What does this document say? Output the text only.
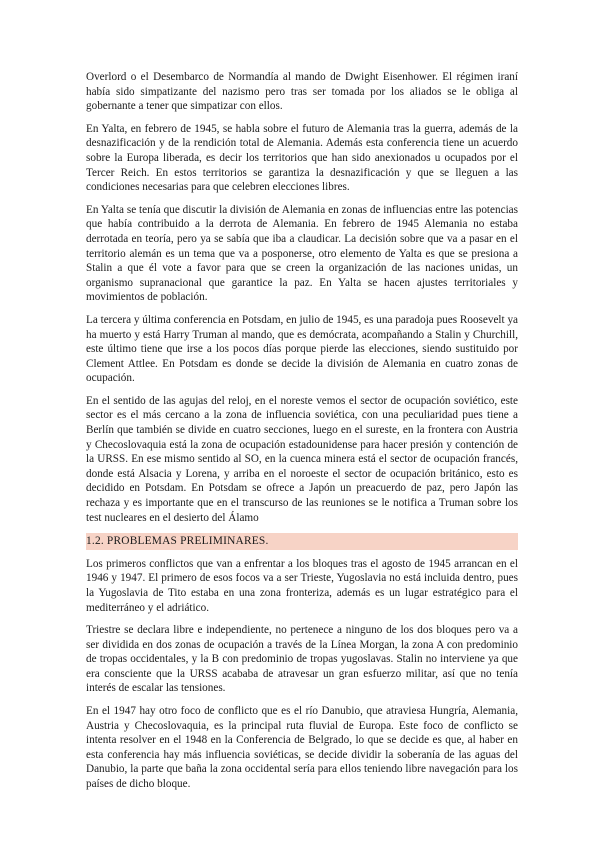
Overlord o el Desembarco de Normandía al mando de Dwight Eisenhower. El régimen iraní había sido simpatizante del nazismo pero tras ser tomada por los aliados se le obliga al gobernante a tener que simpatizar con ellos.

En Yalta, en febrero de 1945, se habla sobre el futuro de Alemania tras la guerra, además de la desnazificación y de la rendición total de Alemania. Además esta conferencia tiene un acuerdo sobre la Europa liberada, es decir los territorios que han sido anexionados u ocupados por el Tercer Reich. En estos territorios se garantiza la desnazificación y que se lleguen a las condiciones necesarias para que celebren elecciones libres.

En Yalta se tenía que discutir la división de Alemania en zonas de influencias entre las potencias que había contribuido a la derrota de Alemania. En febrero de 1945 Alemania no estaba derrotada en teoría, pero ya se sabía que iba a claudicar. La decisión sobre que va a pasar en el territorio alemán es un tema que va a posponerse, otro elemento de Yalta es que se presiona a Stalin a que él vote a favor para que se creen la organización de las naciones unidas, un organismo supranacional que garantice la paz. En Yalta se hacen ajustes territoriales y movimientos de población.

La tercera y última conferencia en Potsdam, en julio de 1945, es una paradoja pues Roosevelt ya ha muerto y está Harry Truman al mando, que es demócrata, acompañando a Stalin y Churchill, este último tiene que irse a los pocos días porque pierde las elecciones, siendo sustituido por Clement Attlee. En Potsdam es donde se decide la división de Alemania en cuatro zonas de ocupación.

En el sentido de las agujas del reloj, en el noreste vemos el sector de ocupación soviético, este sector es el más cercano a la zona de influencia soviética, con una peculiaridad pues tiene a Berlín que también se divide en cuatro secciones, luego en el sureste, en la frontera con Austria y Checoslovaquia está la zona de ocupación estadounidense para hacer presión y contención de la URSS. En ese mismo sentido al SO, en la cuenca minera está el sector de ocupación francés, donde está Alsacia y Lorena, y arriba en el noroeste el sector de ocupación británico, esto es decidido en Potsdam. En Potsdam se ofrece a Japón un preacuerdo de paz, pero Japón las rechaza y es importante que en el transcurso de las reuniones se le notifica a Truman sobre los test nucleares en el desierto del Álamo

1.2. PROBLEMAS PRELIMINARES.

Los primeros conflictos que van a enfrentar a los bloques tras el agosto de 1945 arrancan en el 1946 y 1947. El primero de esos focos va a ser Trieste, Yugoslavia no está incluida dentro, pues la Yugoslavia de Tito estaba en una zona fronteriza, además es un lugar estratégico para el mediterráneo y el adriático.

Triestre se declara libre e independiente, no pertenece a ninguno de los dos bloques pero va a ser dividida en dos zonas de ocupación a través de la Línea Morgan, la zona A con predominio de tropas occidentales, y la B con predominio de tropas yugoslavas. Stalin no interviene ya que era consciente que la URSS acababa de atravesar un gran esfuerzo militar, así que no tenía interés de escalar las tensiones.

En el 1947 hay otro foco de conflicto que es el río Danubio, que atraviesa Hungría, Alemania, Austria y Checoslovaquia, es la principal ruta fluvial de Europa. Este foco de conflicto se intenta resolver en el 1948 en la Conferencia de Belgrado, lo que se decide es que, al haber en esta conferencia hay más influencia soviéticas, se decide dividir la soberanía de las aguas del Danubio, la parte que baña la zona occidental sería para ellos teniendo libre navegación para los países de dicho bloque.
